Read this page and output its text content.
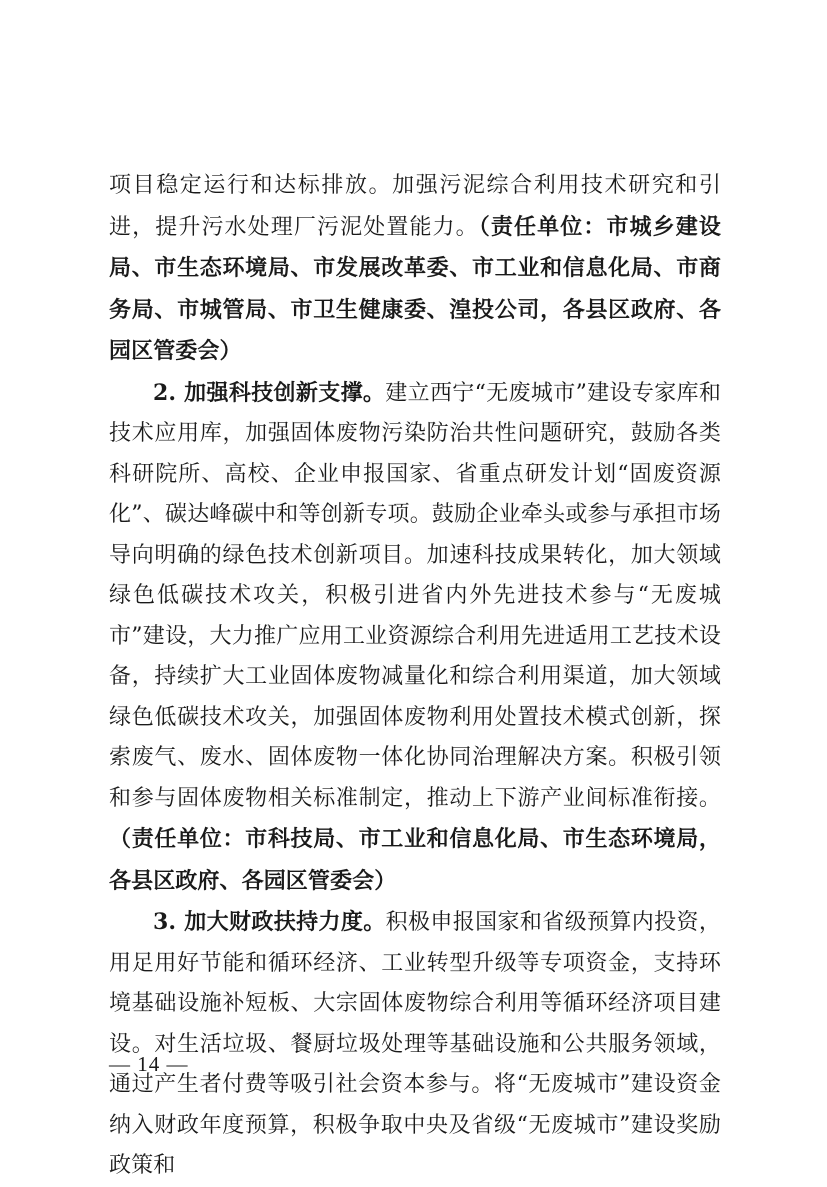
项目稳定运行和达标排放。加强污泥综合利用技术研究和引进，提升污水处理厂污泥处置能力。（责任单位：市城乡建设局、市生态环境局、市发展改革委、市工业和信息化局、市商务局、市城管局、市卫生健康委、湟投公司，各县区政府、各园区管委会）

2. 加强科技创新支撑。建立西宁“无废城市”建设专家库和技术应用库，加强固体废物污染防治共性问题研究，鼓励各类科研院所、高校、企业申报国家、省重点研发计划“固废资源化”、碳达峰碳中和等创新专项。鼓励企业牵头或参与承担市场导向明确的绿色技术创新项目。加速科技成果转化，加大领域绿色低碳技术攻关，积极引进省内外先进技术参与“无废城市”建设，大力推广应用工业资源综合利用先进适用工艺技术设备，持续扩大工业固体废物减量化和综合利用渠道，加大领域绿色低碳技术攻关，加强固体废物利用处置技术模式创新，探索废气、废水、固体废物一体化协同治理解决方案。积极引领和参与固体废物相关标准制定，推动上下游产业间标准衔接。（责任单位：市科技局、市工业和信息化局、市生态环境局，各县区政府、各园区管委会）

3. 加大财政扶持力度。积极申报国家和省级预算内投资，用足用好节能和循环经济、工业转型升级等专项资金，支持环境基础设施补短板、大宗固体废物综合利用等循环经济项目建设。对生活垃圾、餐厨垃圾处理等基础设施和公共服务领域，通过产生者付费等吸引社会资本参与。将“无废城市”建设资金纳入财政年度预算，积极争取中央及省级“无废城市”建设奖励政策和

— 14 —
